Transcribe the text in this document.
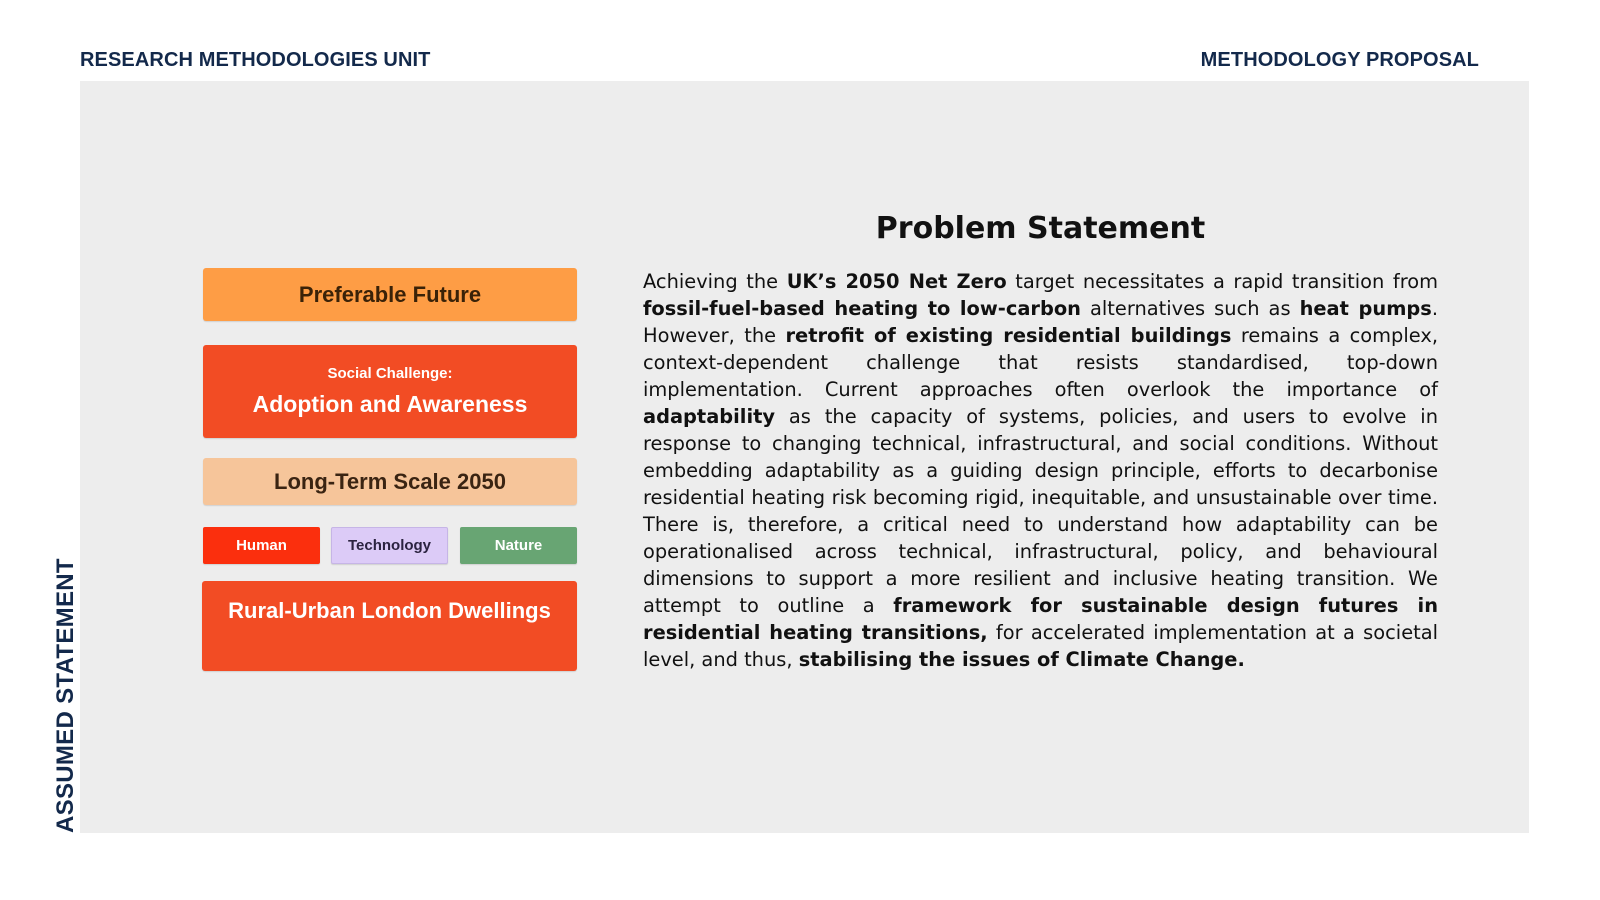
RESEARCH METHODOLOGIES UNIT	METHODOLOGY PROPOSAL
ASSUMED STATEMENT
Preferable Future
Social Challenge:
Adoption and Awareness
Long-Term Scale 2050
Human	Technology	Nature
Rural-Urban London Dwellings
Problem Statement
Achieving the UK’s 2050 Net Zero target necessitates a rapid transition from fossil-fuel-based heating to low-carbon alternatives such as heat pumps. However, the retrofit of existing residential buildings remains a complex, context-dependent challenge that resists standardised, top-down implementation. Current approaches often overlook the importance of adaptability as the capacity of systems, policies, and users to evolve in response to changing technical, infrastructural, and social conditions. Without embedding adaptability as a guiding design principle, efforts to decarbonise residential heating risk becoming rigid, inequitable, and unsustainable over time. There is, therefore, a critical need to understand how adaptability can be operationalised across technical, infrastructural, policy, and behavioural dimensions to support a more resilient and inclusive heating transition. We attempt to outline a framework for sustainable design futures in residential heating transitions, for accelerated implementation at a societal level, and thus, stabilising the issues of Climate Change.
